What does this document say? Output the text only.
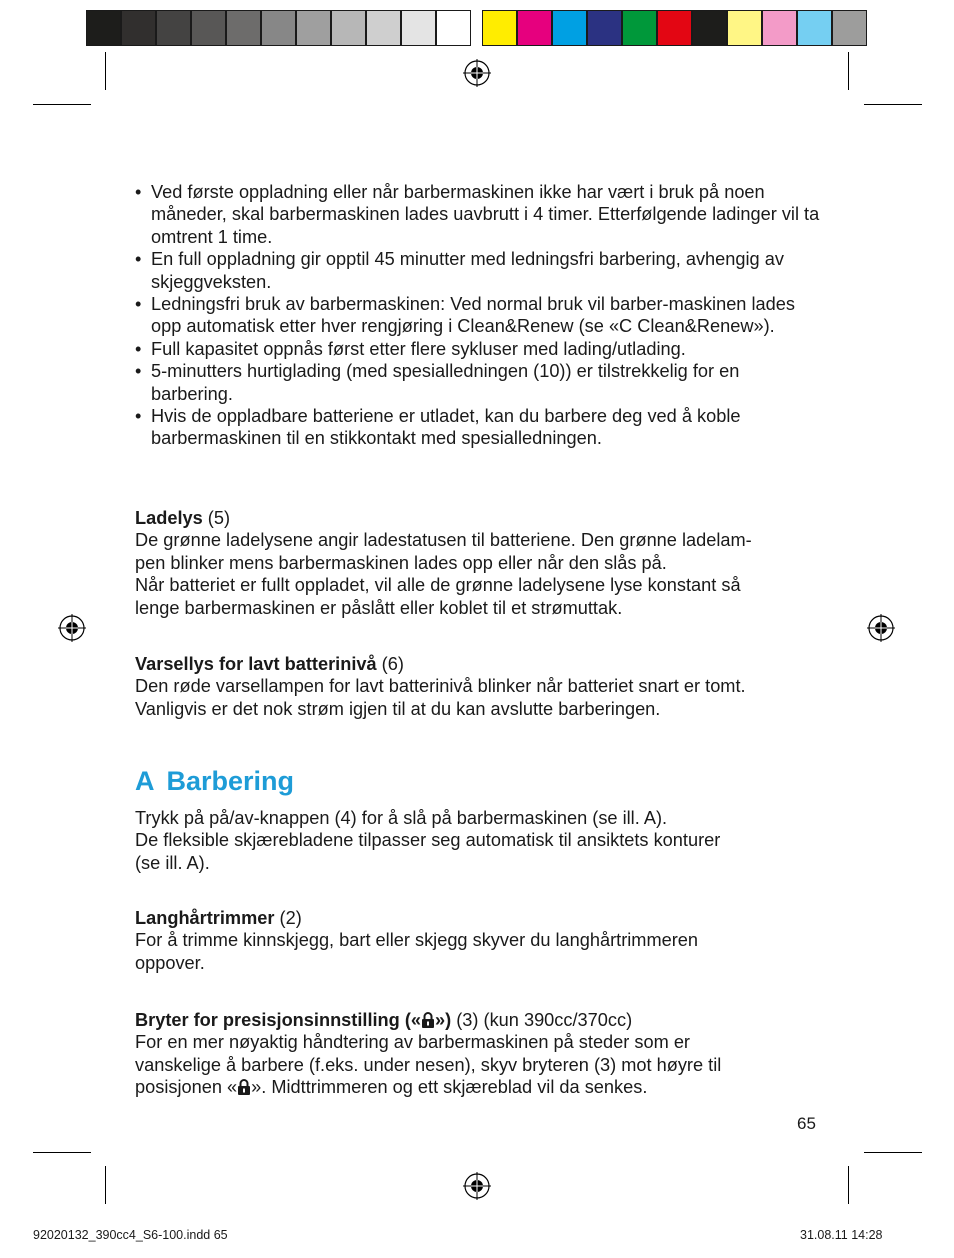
• Ved første oppladning eller når barbermaskinen ikke har vært i bruk på noen måneder, skal barbermaskinen lades uavbrutt i 4 timer. Etterfølgende ladinger vil ta omtrent 1 time.
• En full oppladning gir opptil 45 minutter med ledningsfri barbering, avhengig av skjeggveksten.
• Ledningsfri bruk av barbermaskinen: Ved normal bruk vil barber-maskinen lades opp automatisk etter hver rengjøring i Clean&Renew (se «C Clean&Renew»).
• Full kapasitet oppnås først etter flere sykluser med lading/utlading.
• 5-minutters hurtiglading (med spesialledningen (10)) er tilstrekkelig for en barbering.
• Hvis de oppladbare batteriene er utladet, kan du barbere deg ved å koble barbermaskinen til en stikkontakt med spesialledningen.

Ladelys (5)

De grønne ladelysene angir ladestatusen til batteriene. Den grønne ladelam-

pen blinker mens barbermaskinen lades opp eller når den slås på.

Når batteriet er fullt oppladet, vil alle de grønne ladelysene lyse konstant så

lenge barbermaskinen er påslått eller koblet til et strømuttak.

Varsellys for lavt batterinivå (6)

Den røde varsellampen for lavt batterinivå blinker når batteriet snart er tomt.

Vanligvis er det nok strøm igjen til at du kan avslutte barberingen.

A Barbering

Trykk på på/av-knappen (4) for å slå på barbermaskinen (se ill. A).

De fleksible skjærebladene tilpasser seg automatisk til ansiktets konturer

(se ill. A).

Langhårtrimmer (2)

For å trimme kinnskjegg, bart eller skjegg skyver du langhårtrimmeren

oppover.

Bryter for presisjonsinnstilling (« ») (3) (kun 390cc/370cc)

For en mer nøyaktig håndtering av barbermaskinen på steder som er

vanskelige å barbere (f.eks. under nesen), skyv bryteren (3) mot høyre til

posisjonen « ». Midttrimmeren og ett skjæreblad vil da senkes.

65
92020132_390cc4_S6-100.indd 65	31.08.11 14:28
